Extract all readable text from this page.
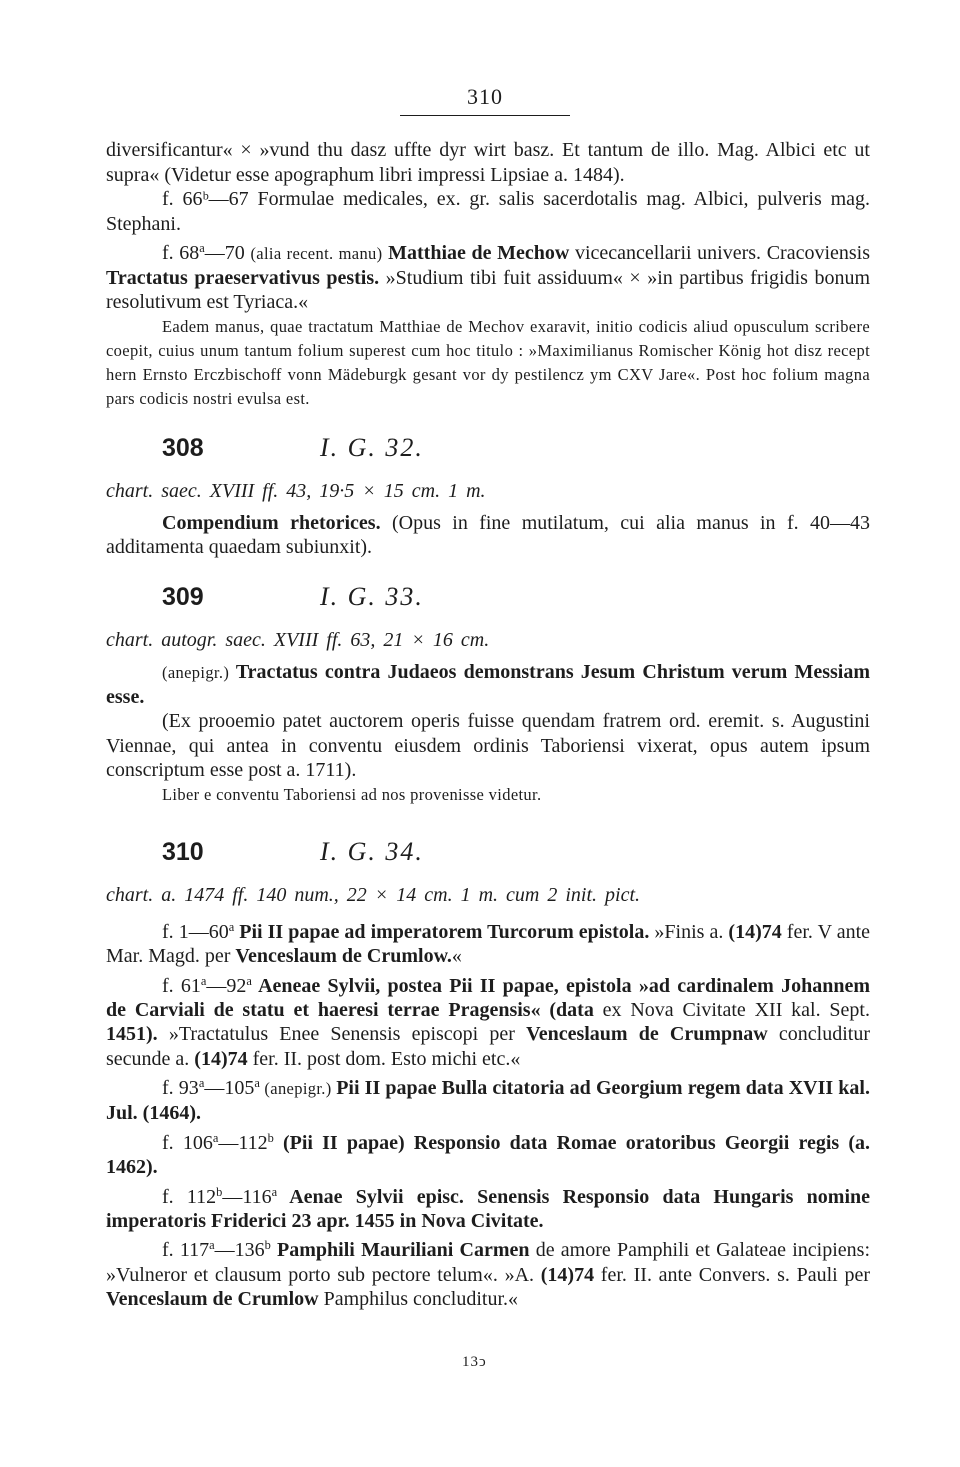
310

diversificantur« × »vund thu dasz uffte dyr wirt basz. Et tantum de illo. Mag. Albici etc ut supra« (Videtur esse apographum libri impressi Lipsiae a. 1484).

f. 66ᵇ—67 Formulae medicales, ex. gr. salis sacerdotalis mag. Albici, pulveris mag. Stephani.

f. 68$^a$—70 (alia recent. manu) Matthiae de Mechow vicecancellarii univers. Cracoviensis Tractatus praeservativus pestis. »Studium tibi fuit assiduum« × »in partibus frigidis bonum resolutivum est Tyriaca.«

Eadem manus, quae tractatum Matthiae de Mechov exaravit, initio codicis aliud opusculum scribere coepit, cuius unum tantum folium superest cum hoc titulo : »Maximilianus Romischer König hot disz recept hern Ernsto Erczbischoff vonn Mädeburgk gesant vor dy pestilencz ym CXV Jare«. Post hoc folium magna pars codicis nostri evulsa est.

308	I. G. 32.

chart. saec. XVIII ff. 43, 19·5 × 15 cm. 1 m.

Compendium rhetorices. (Opus in fine mutilatum, cui alia manus in f. 40—43 additamenta quaedam subiunxit).

309	I. G. 33.

chart. autogr. saec. XVIII ff. 63, 21 × 16 cm.

(anepigr.) Tractatus contra Judaeos demonstrans Jesum Christum verum Messiam esse.

(Ex prooemio patet auctorem operis fuisse quendam fratrem ord. eremit. s. Augustini Viennae, qui antea in conventu eiusdem ordinis Taboriensi vixerat, opus autem ipsum conscriptum esse post a. 1711).

Liber e conventu Taboriensi ad nos provenisse videtur.

310	I. G. 34.

chart. a. 1474 ff. 140 num., 22 × 14 cm. 1 m. cum 2 init. pict.

f. 1—60$^a$ Pii II papae ad imperatorem Turcorum epistola. »Finis a. (14)74 fer. V ante Mar. Magd. per Venceslaum de Crumlow.«

f. 61$^a$—92$^a$ Aeneae Sylvii, postea Pii II papae, epistola »ad cardinalem Johannem de Carviali de statu et haeresi terrae Pragensis« (data ex Nova Civitate XII kal. Sept. 1451). »Tractatulus Enee Senensis episcopi per Venceslaum de Crumpnaw concluditur secunde a. (14)74 fer. II. post dom. Esto michi etc.«

f. 93$^a$—105$^a$ (anepigr.) Pii II papae Bulla citatoria ad Georgium regem data XVII kal. Jul. (1464).

f. 106$^a$—112$^b$ (Pii II papae) Responsio data Romae oratoribus Georgii regis (a. 1462).

f. 112$^b$—116$^a$ Aenae Sylvii episc. Senensis Responsio data Hungaris nomine imperatoris Friderici 23 apr. 1455 in Nova Civitate.

f. 117$^a$—136$^b$ Pamphili Mauriliani Carmen de amore Pamphili et Galateae incipiens: »Vulneror et clausum porto sub pectore telum«. »A. (14)74 fer. II. ante Convers. s. Pauli per Venceslaum de Crumlow Pamphilus concluditur.«

13ↄ
